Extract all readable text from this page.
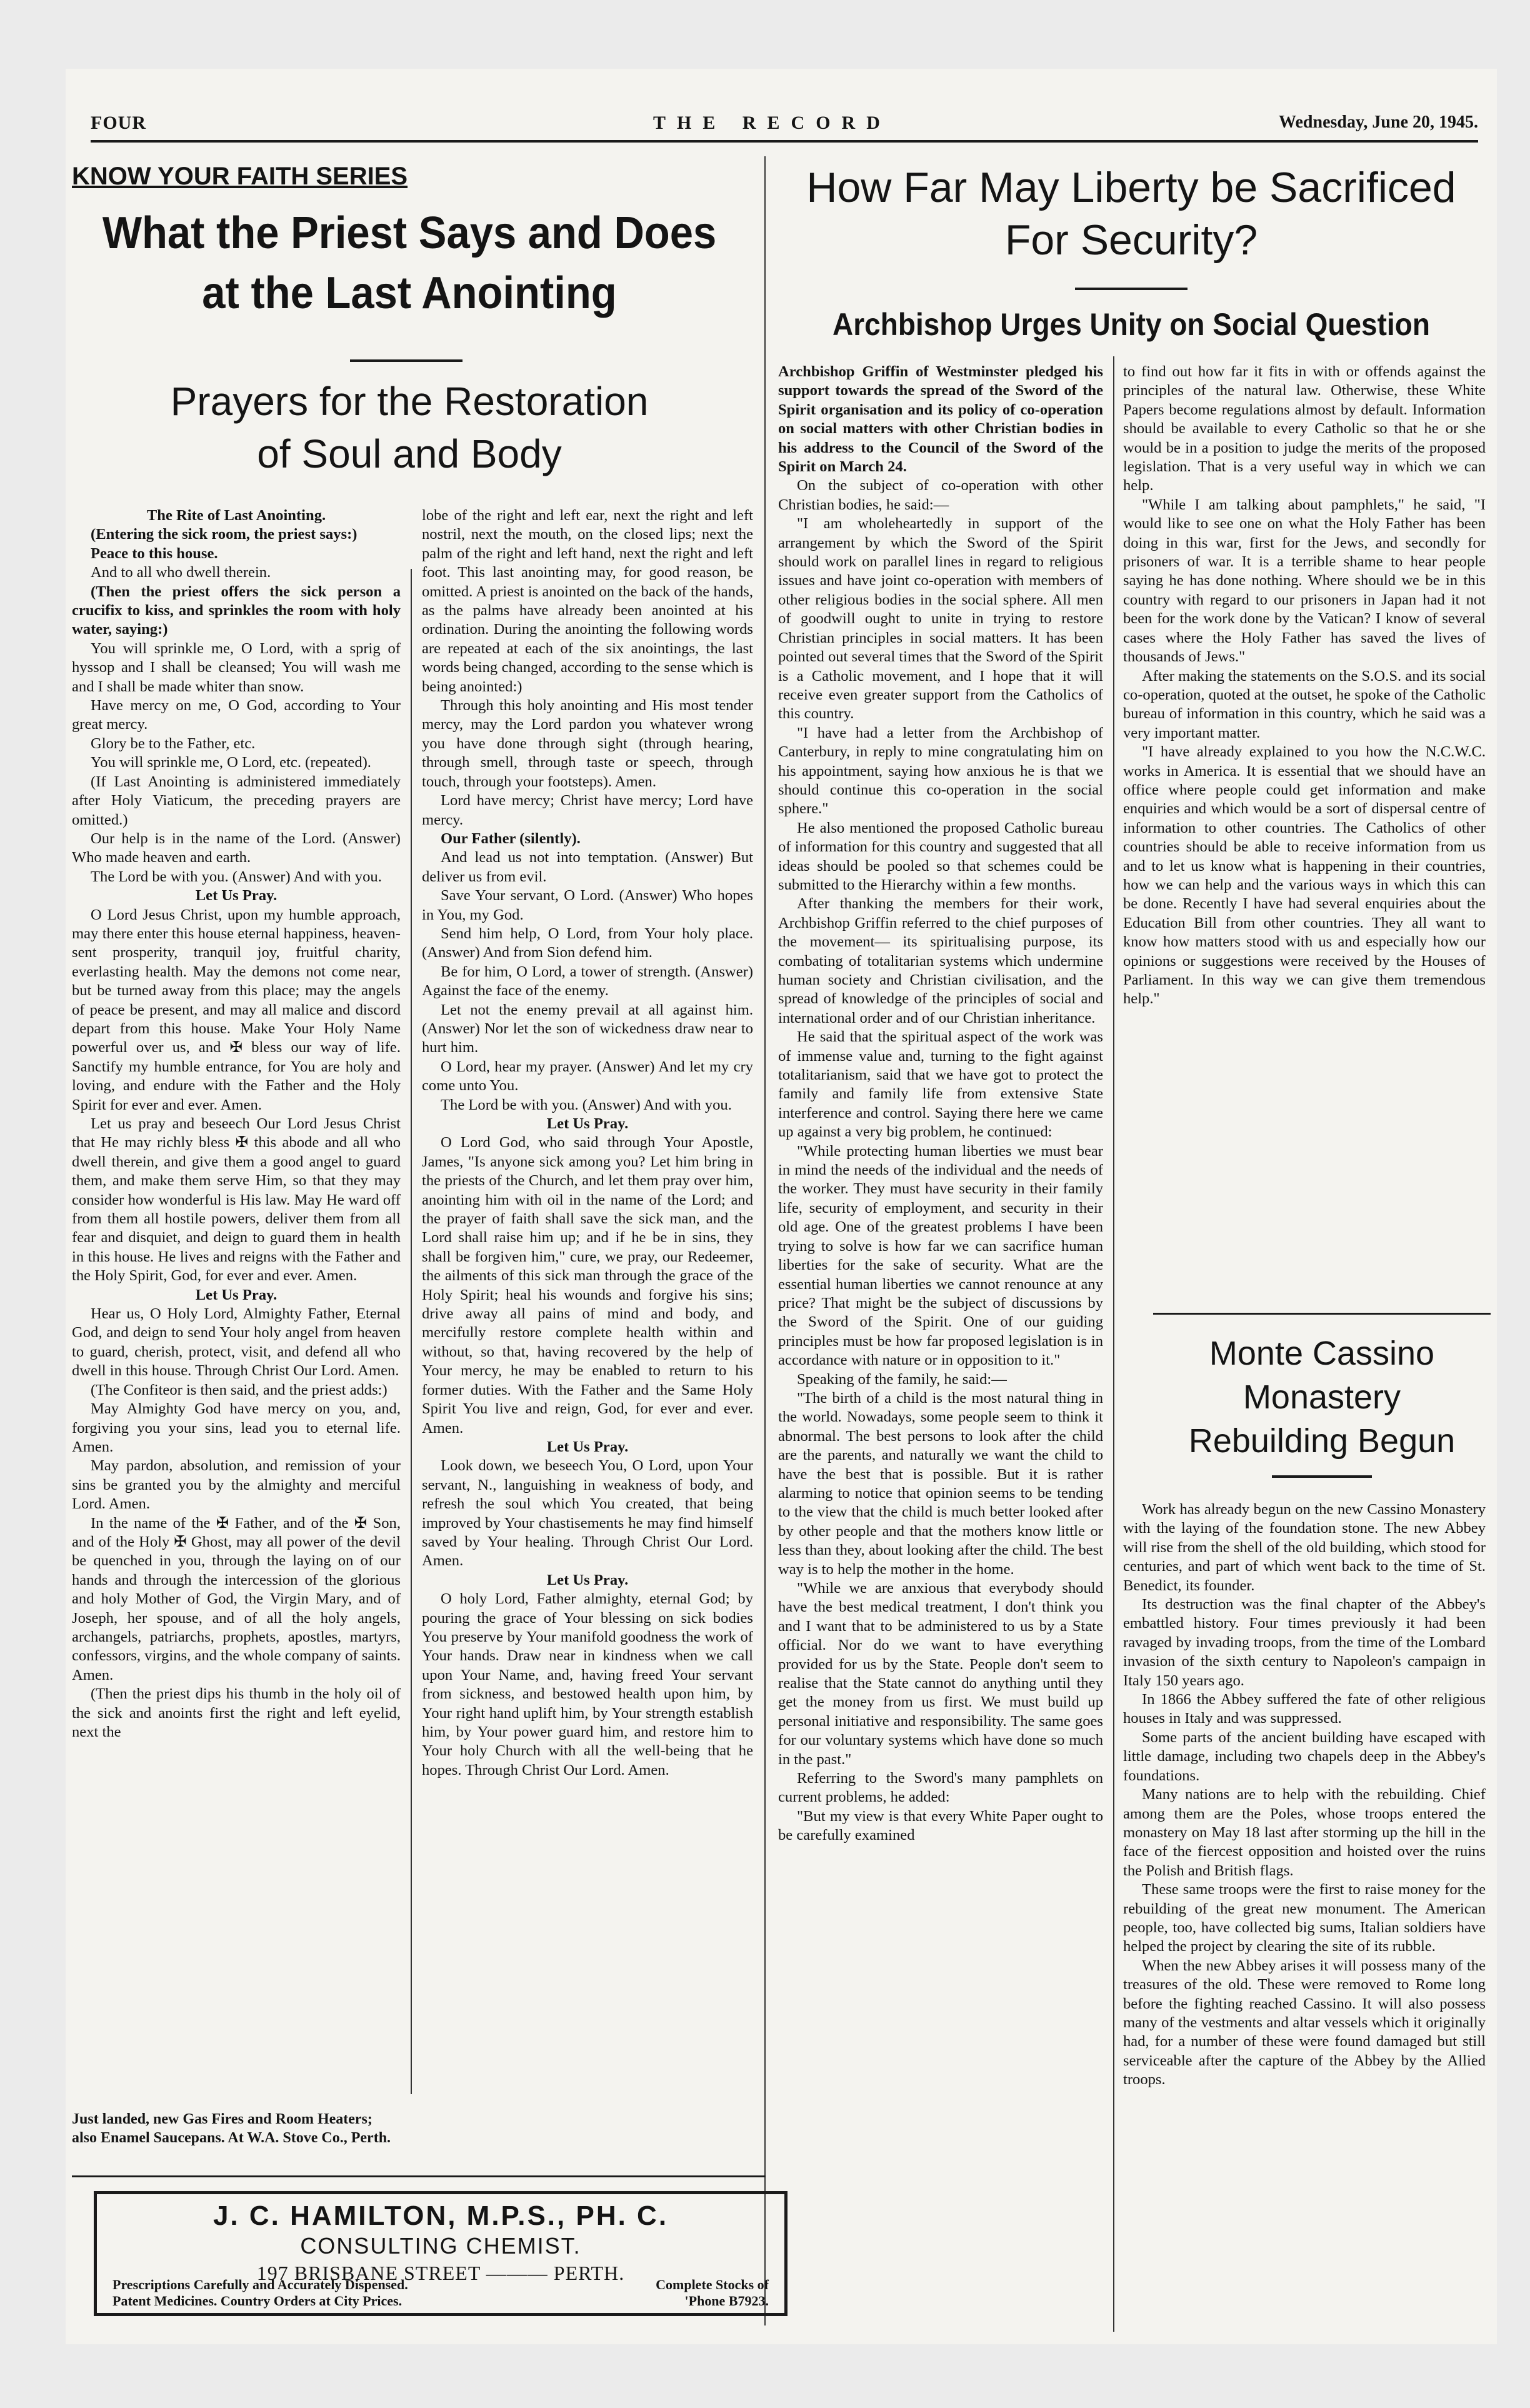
FOUR	THE RECORD	Wednesday, June 20, 1945.
KNOW YOUR FAITH SERIES
What the Priest Says and Does
at the Last Anointing
Prayers for the Restoration
of Soul and Body

The Rite of Last Anointing.

(Entering the sick room, the priest says:)

Peace to this house.

And to all who dwell therein.

(Then the priest offers the sick person a crucifix to kiss, and sprinkles the room with holy water, saying:)

You will sprinkle me, O Lord, with a sprig of hyssop and I shall be cleansed; You will wash me and I shall be made whiter than snow.

Have mercy on me, O God, according to Your great mercy.

Glory be to the Father, etc.

You will sprinkle me, O Lord, etc. (repeated).

(If Last Anointing is administered immediately after Holy Viaticum, the preceding prayers are omitted.)

Our help is in the name of the Lord. (Answer) Who made heaven and earth.

The Lord be with you. (Answer) And with you.

Let Us Pray.

O Lord Jesus Christ, upon my humble approach, may there enter this house eternal happiness, heaven-sent prosperity, tranquil joy, fruitful charity, everlasting health. May the demons not come near, but be turned away from this place; may the angels of peace be present, and may all malice and discord depart from this house. Make Your Holy Name powerful over us, and ✠ bless our way of life. Sanctify my humble entrance, for You are holy and loving, and endure with the Father and the Holy Spirit for ever and ever. Amen.

Let us pray and beseech Our Lord Jesus Christ that He may richly bless ✠ this abode and all who dwell therein, and give them a good angel to guard them, and make them serve Him, so that they may consider how wonderful is His law. May He ward off from them all hostile powers, deliver them from all fear and disquiet, and deign to guard them in health in this house. He lives and reigns with the Father and the Holy Spirit, God, for ever and ever. Amen.

Let Us Pray.

Hear us, O Holy Lord, Almighty Father, Eternal God, and deign to send Your holy angel from heaven to guard, cherish, protect, visit, and defend all who dwell in this house. Through Christ Our Lord. Amen.

(The Confiteor is then said, and the priest adds:)

May Almighty God have mercy on you, and, forgiving you your sins, lead you to eternal life. Amen.

May pardon, absolution, and remission of your sins be granted you by the almighty and merciful Lord. Amen.

In the name of the ✠ Father, and of the ✠ Son, and of the Holy ✠ Ghost, may all power of the devil be quenched in you, through the laying on of our hands and through the intercession of the glorious and holy Mother of God, the Virgin Mary, and of Joseph, her spouse, and of all the holy angels, archangels, patriarchs, prophets, apostles, martyrs, confessors, virgins, and the whole company of saints. Amen.

(Then the priest dips his thumb in the holy oil of the sick and anoints first the right and left eyelid, next the

lobe of the right and left ear, next the right and left nostril, next the mouth, on the closed lips; next the palm of the right and left hand, next the right and left foot. This last anointing may, for good reason, be omitted. A priest is anointed on the back of the hands, as the palms have already been anointed at his ordination. During the anointing the following words are repeated at each of the six anointings, the last words being changed, according to the sense which is being anointed:)

Through this holy anointing and His most tender mercy, may the Lord pardon you whatever wrong you have done through sight (through hearing, through smell, through taste or speech, through touch, through your footsteps). Amen.

Lord have mercy; Christ have mercy; Lord have mercy.

Our Father (silently).

And lead us not into temptation. (Answer) But deliver us from evil.

Save Your servant, O Lord. (Answer) Who hopes in You, my God.

Send him help, O Lord, from Your holy place. (Answer) And from Sion defend him.

Be for him, O Lord, a tower of strength. (Answer) Against the face of the enemy.

Let not the enemy prevail at all against him. (Answer) Nor let the son of wickedness draw near to hurt him.

O Lord, hear my prayer. (Answer) And let my cry come unto You.

The Lord be with you. (Answer) And with you.

Let Us Pray.

O Lord God, who said through Your Apostle, James, "Is anyone sick among you? Let him bring in the priests of the Church, and let them pray over him, anointing him with oil in the name of the Lord; and the prayer of faith shall save the sick man, and the Lord shall raise him up; and if he be in sins, they shall be forgiven him," cure, we pray, our Redeemer, the ailments of this sick man through the grace of the Holy Spirit; heal his wounds and forgive his sins; drive away all pains of mind and body, and mercifully restore complete health within and without, so that, having recovered by the help of Your mercy, he may be enabled to return to his former duties. With the Father and the Same Holy Spirit You live and reign, God, for ever and ever. Amen.

Let Us Pray.

Look down, we beseech You, O Lord, upon Your servant, N., languishing in weakness of body, and refresh the soul which You created, that being improved by Your chastisements he may find himself saved by Your healing. Through Christ Our Lord. Amen.

Let Us Pray.

O holy Lord, Father almighty, eternal God; by pouring the grace of Your blessing on sick bodies You preserve by Your manifold goodness the work of Your hands. Draw near in kindness when we call upon Your Name, and, having freed Your servant from sickness, and bestowed health upon him, by Your right hand uplift him, by Your strength establish him, by Your power guard him, and restore him to Your holy Church with all the well-being that he hopes. Through Christ Our Lord. Amen.

Just landed, new Gas Fires and Room Heaters; also Enamel Saucepans. At W.A. Stove Co., Perth.
J. C. HAMILTON, M.P.S., PH. C.
CONSULTING CHEMIST.
197 BRISBANE STREET ——— PERTH.
Prescriptions Carefully and Accurately Dispensed.	Complete Stocks of
Patent Medicines. Country Orders at City Prices.	'Phone B7923.
How Far May Liberty be Sacrificed
For Security?
Archbishop Urges Unity on Social Question

Archbishop Griffin of Westminster pledged his support towards the spread of the Sword of the Spirit organisation and its policy of co-operation on social matters with other Christian bodies in his address to the Council of the Sword of the Spirit on March 24.

On the subject of co-operation with other Christian bodies, he said:—

"I am wholeheartedly in support of the arrangement by which the Sword of the Spirit should work on parallel lines in regard to religious issues and have joint co-operation with members of other religious bodies in the social sphere. All men of goodwill ought to unite in trying to restore Christian principles in social matters. It has been pointed out several times that the Sword of the Spirit is a Catholic movement, and I hope that it will receive even greater support from the Catholics of this country.

"I have had a letter from the Archbishop of Canterbury, in reply to mine congratulating him on his appointment, saying how anxious he is that we should continue this co-operation in the social sphere."

He also mentioned the proposed Catholic bureau of information for this country and suggested that all ideas should be pooled so that schemes could be submitted to the Hierarchy within a few months.

After thanking the members for their work, Archbishop Griffin referred to the chief purposes of the movement— its spiritualising purpose, its combating of totalitarian systems which undermine human society and Christian civilisation, and the spread of knowledge of the principles of social and international order and of our Christian inheritance.

He said that the spiritual aspect of the work was of immense value and, turning to the fight against totalitarianism, said that we have got to protect the family and family life from extensive State interference and control. Saying there here we came up against a very big problem, he continued:

"While protecting human liberties we must bear in mind the needs of the individual and the needs of the worker. They must have security in their family life, security of employment, and security in their old age. One of the greatest problems I have been trying to solve is how far we can sacrifice human liberties for the sake of security. What are the essential human liberties we cannot renounce at any price? That might be the subject of discussions by the Sword of the Spirit. One of our guiding principles must be how far proposed legislation is in accordance with nature or in opposition to it."

Speaking of the family, he said:—

"The birth of a child is the most natural thing in the world. Nowadays, some people seem to think it abnormal. The best persons to look after the child are the parents, and naturally we want the child to have the best that is possible. But it is rather alarming to notice that opinion seems to be tending to the view that the child is much better looked after by other people and that the mothers know little or less than they, about looking after the child. The best way is to help the mother in the home.

"While we are anxious that everybody should have the best medical treatment, I don't think you and I want that to be administered to us by a State official. Nor do we want to have everything provided for us by the State. People don't seem to realise that the State cannot do anything until they get the money from us first. We must build up personal initiative and responsibility. The same goes for our voluntary systems which have done so much in the past."

Referring to the Sword's many pamphlets on current problems, he added:

"But my view is that every White Paper ought to be carefully examined

to find out how far it fits in with or offends against the principles of the natural law. Otherwise, these White Papers become regulations almost by default. Information should be available to every Catholic so that he or she would be in a position to judge the merits of the proposed legislation. That is a very useful way in which we can help.

"While I am talking about pamphlets," he said, "I would like to see one on what the Holy Father has been doing in this war, first for the Jews, and secondly for prisoners of war. It is a terrible shame to hear people saying he has done nothing. Where should we be in this country with regard to our prisoners in Japan had it not been for the work done by the Vatican? I know of several cases where the Holy Father has saved the lives of thousands of Jews."

After making the statements on the S.O.S. and its social co-operation, quoted at the outset, he spoke of the Catholic bureau of information in this country, which he said was a very important matter.

"I have already explained to you how the N.C.W.C. works in America. It is essential that we should have an office where people could get information and make enquiries and which would be a sort of dispersal centre of information to other countries. The Catholics of other countries should be able to receive information from us and to let us know what is happening in their countries, how we can help and the various ways in which this can be done. Recently I have had several enquiries about the Education Bill from other countries. They all want to know how matters stood with us and especially how our opinions or suggestions were received by the Houses of Parliament. In this way we can give them tremendous help."

Monte Cassino
Monastery
Rebuilding Begun

Work has already begun on the new Cassino Monastery with the laying of the foundation stone. The new Abbey will rise from the shell of the old building, which stood for centuries, and part of which went back to the time of St. Benedict, its founder.

Its destruction was the final chapter of the Abbey's embattled history. Four times previously it had been ravaged by invading troops, from the time of the Lombard invasion of the sixth century to Napoleon's campaign in Italy 150 years ago.

In 1866 the Abbey suffered the fate of other religious houses in Italy and was suppressed.

Some parts of the ancient building have escaped with little damage, including two chapels deep in the Abbey's foundations.

Many nations are to help with the rebuilding. Chief among them are the Poles, whose troops entered the monastery on May 18 last after storming up the hill in the face of the fiercest opposition and hoisted over the ruins the Polish and British flags.

These same troops were the first to raise money for the rebuilding of the great new monument. The American people, too, have collected big sums, Italian soldiers have helped the project by clearing the site of its rubble.

When the new Abbey arises it will possess many of the treasures of the old. These were removed to Rome long before the fighting reached Cassino. It will also possess many of the vestments and altar vessels which it originally had, for a number of these were found damaged but still serviceable after the capture of the Abbey by the Allied troops.
